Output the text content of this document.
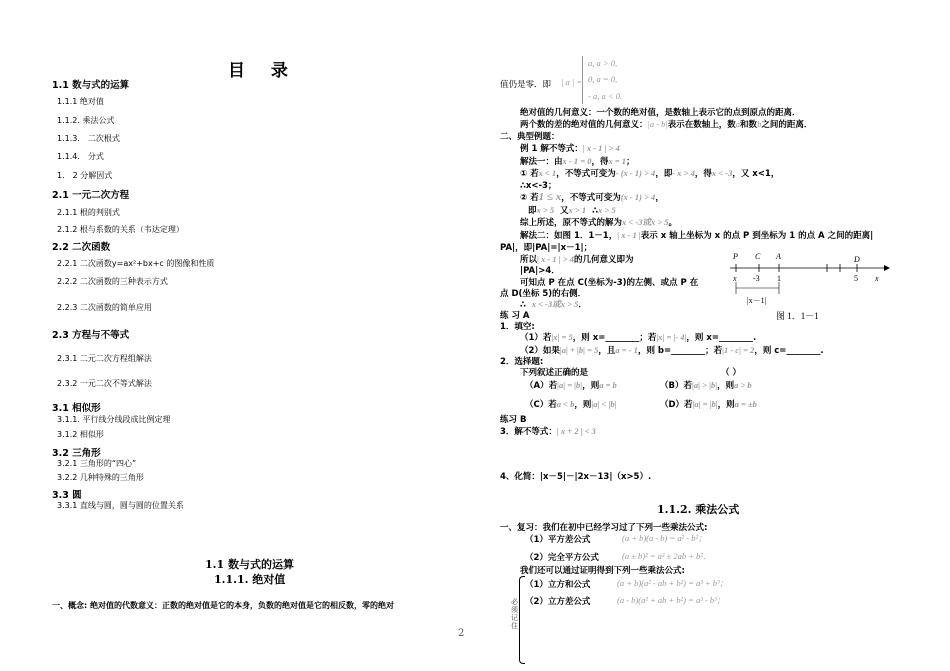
目 录
1.1 数与式的运算
1.1.1 绝对值
1.1.2. 乘法公式
1.1.3． 二次根式
1.1.4． 分式
1． 2 分解因式
2.1 一元二次方程
2.1.1 根的判别式
2.1.2 根与系数的关系（韦达定理）
2.2 二次函数
2.2.1 二次函数y=ax²+bx+c 的图像和性质
2.2.2 二次函数的三种表示方式
2.2.3 二次函数的简单应用
2.3 方程与不等式
2.3.1 二元二次方程组解法
2.3.2 一元二次不等式解法
3.1 相似形
3.1.1. 平行线分线段成比例定理
3.1.2 相似形
3.2 三角形
3.2.1 三角形的“四心”
3.2.2 几种特殊的三角形
3.3 圆
3.3.1 直线与圆，圆与圆的位置关系
1.1 数与式的运算
1.1.1. 绝对值
一、概念: 绝对值的代数意义：正数的绝对值是它的本身，负数的绝对值是它的相反数，零的绝对
2
值仍是零．即 | a | =
a, a > 0,
0, a = 0,
- a, a < 0.
绝对值的几何意义：一个数的绝对值，是数轴上表示它的点到原点的距离．
两个数的差的绝对值的几何意义：|a - b|表示在数轴上，数a和数b之间的距离．
二、典型例题：
例 1 解不等式：| x - 1 | > 4
解法一：由x - 1 = 0，得x = 1；
① 若x < 1，不等式可变为- (x - 1) > 4，即- x > 4，得x < -3，又 x<1，
∴x<-3；
② 若1 ≤ x，不等式可变为(x - 1) > 4，
即x > 5 又x > 1 ∴x > 5
综上所述，原不等式的解为x < -3或x > 5。
解法二：如图 1．1－1，| x - 1 |表示 x 轴上坐标为 x 的点 P 到坐标为 1 的点 A 之间的距离|
PA|，即|PA|=|x－1|；
所以| x - 1 | > 4的几何意义即为
|PA|>4．
可知点 P 在点 C(坐标为-3)的左侧、或点 P 在
点 D(坐标 5)的右侧．
∴ x < -3或x > 5．
P C A	D
x -3 1	5 x
|x－1|
图 1．1－1
练 习 A
1．填空:
（1）若|x| = 5，则 x=________；若|x| = |- 4|，则 x=________.
（2）如果|a| + |b| = 5，且a = - 1，则 b=________；若|1 - c| = 2，则 c=________.
2．选择题:
下列叙述正确的是	（ ）
（A）若|a| = |b|，则a = b	（B）若|a| > |b|，则a > b
（C）若a < b，则|a| < |b|	（D）若|a| = |b|，则a = ±b
练习 B
3．解不等式：| x + 2 | < 3
4、化简：|x－5|－|2x－13|（x>5）.
1.1.2. 乘法公式
一、复习：我们在初中已经学习过了下列一些乘法公式:
（1）平方差公式	(a + b)(a - b) = a² - b²；
（2）完全平方公式	(a ± b)² = a² ± 2ab + b²．
我们还可以通过证明得到下列一些乘法公式:
（1）立方和公式	(a + b)(a² - ab + b²) = a³ + b³；
（2）立方差公式	(a - b)(a² + ab + b²) = a³ - b³；
必须记住
